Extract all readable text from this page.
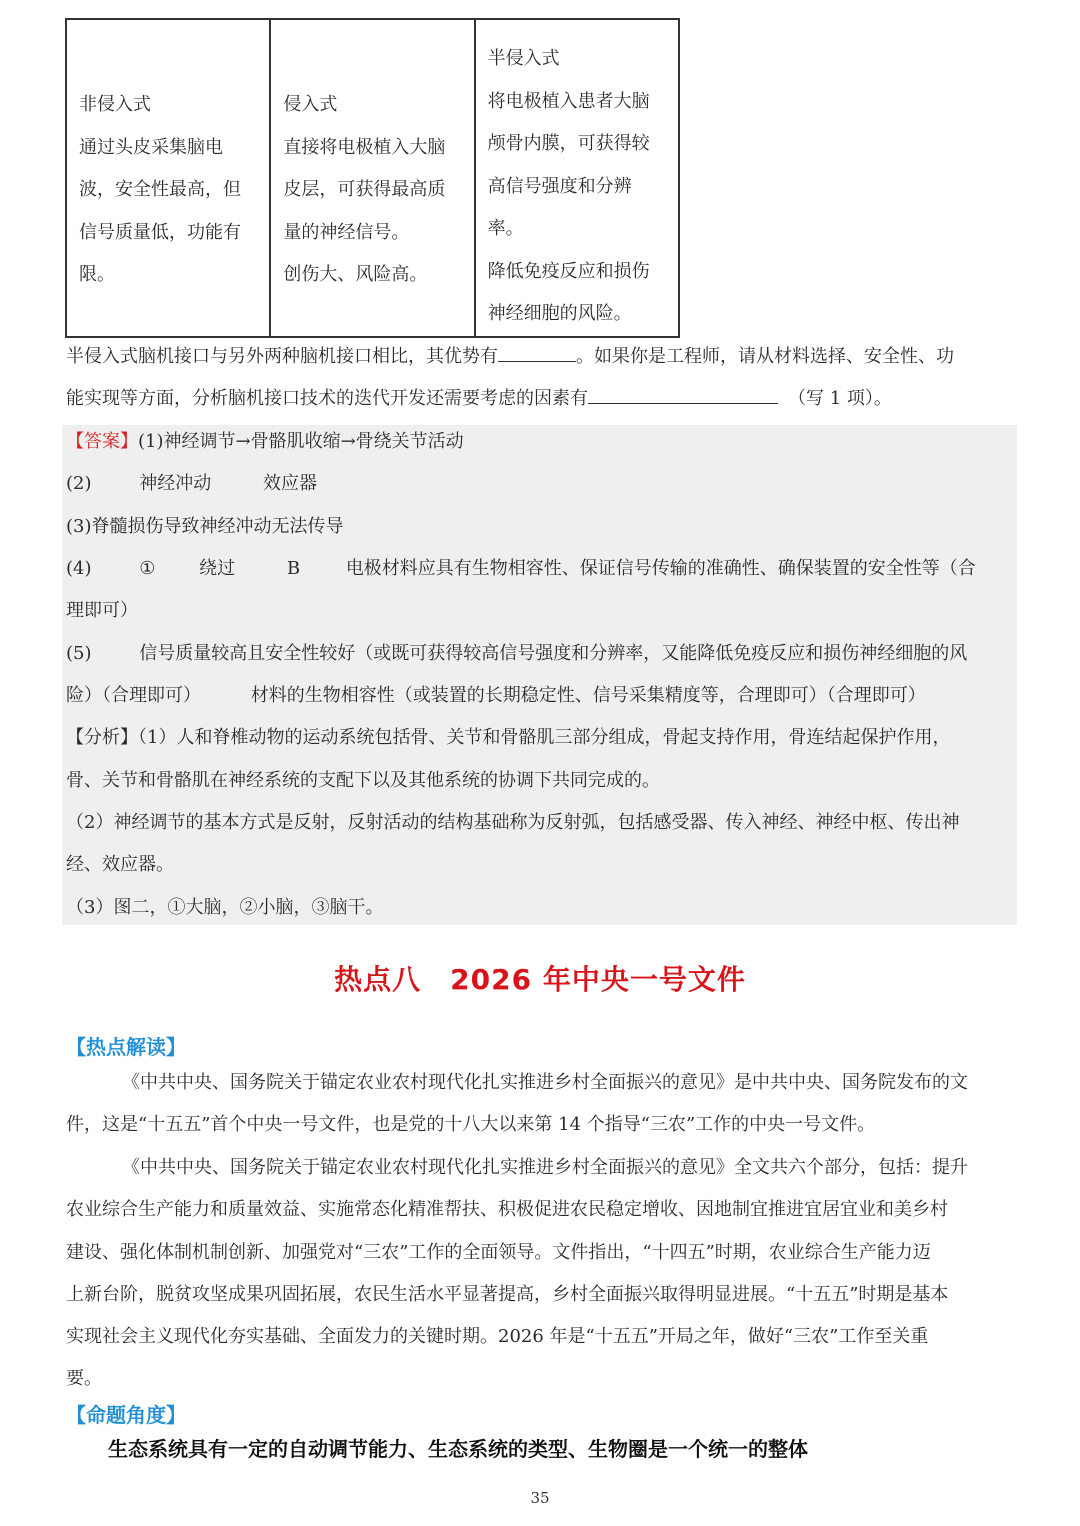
非侵入式
通过头皮采集脑电
波，安全性最高，但
信号质量低，功能有
限。

侵入式
直接将电极植入大脑
皮层，可获得最高质
量的神经信号。
创伤大、风险高。

半侵入式
将电极植入患者大脑
颅骨内膜，可获得较
高信号强度和分辨
率。
降低免疫反应和损伤
神经细胞的风险。
半侵入式脑机接口与另外两种脑机接口相比，其优势有	。如果你是工程师，请从材料选择、安全性、功
能实现等方面，分析脑机接口技术的迭代开发还需要考虑的因素有	（写 1 项）。
【答案】(1)神经调节→骨骼肌收缩→骨绕关节活动
(2)	神经冲动	效应器
(3)脊髓损伤导致神经冲动无法传导
(4)	① 绕过	B	电极材料应具有生物相容性、保证信号传输的准确性、确保装置的安全性等（合
理即可）
(5)	信号质量较高且安全性较好（或既可获得较高信号强度和分辨率，又能降低免疫反应和损伤神经细胞的风
险）（合理即可）	材料的生物相容性（或装置的长期稳定性、信号采集精度等，合理即可）（合理即可）
【分析】（1）人和脊椎动物的运动系统包括骨、关节和骨骼肌三部分组成，骨起支持作用，骨连结起保护作用，
骨、关节和骨骼肌在神经系统的支配下以及其他系统的协调下共同完成的。
（2）神经调节的基本方式是反射，反射活动的结构基础称为反射弧，包括感受器、传入神经、神经中枢、传出神
经、效应器。
（3）图二，①大脑，②小脑，③脑干。
热点八　2026 年中央一号文件
【热点解读】
《中共中央、国务院关于锚定农业农村现代化扎实推进乡村全面振兴的意见》是中共中央、国务院发布的文
件，这是“十五五”首个中央一号文件，也是党的十八大以来第 14 个指导“三农”工作的中央一号文件。
《中共中央、国务院关于锚定农业农村现代化扎实推进乡村全面振兴的意见》全文共六个部分，包括：提升
农业综合生产能力和质量效益、实施常态化精准帮扶、积极促进农民稳定增收、因地制宜推进宜居宜业和美乡村
建设、强化体制机制创新、加强党对“三农”工作的全面领导。文件指出，“十四五”时期，农业综合生产能力迈
上新台阶，脱贫攻坚成果巩固拓展，农民生活水平显著提高，乡村全面振兴取得明显进展。“十五五”时期是基本
实现社会主义现代化夯实基础、全面发力的关键时期。2026 年是“十五五”开局之年，做好“三农”工作至关重
要。
【命题角度】
生态系统具有一定的自动调节能力、生态系统的类型、生物圈是一个统一的整体
35
